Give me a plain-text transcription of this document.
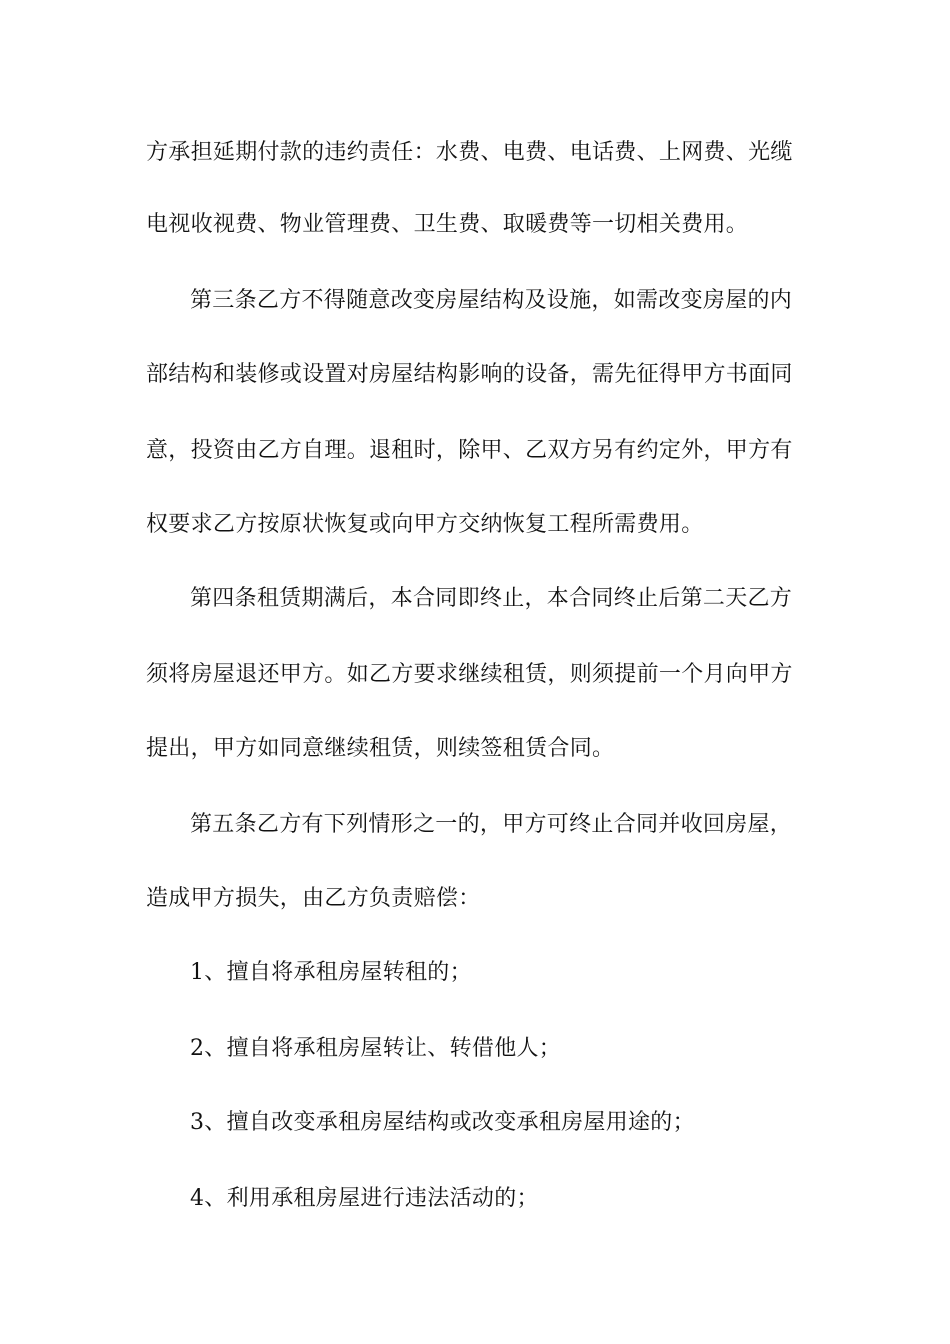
方承担延期付款的违约责任：水费、电费、电话费、上网费、光缆
电视收视费、物业管理费、卫生费、取暖费等一切相关费用。
第三条乙方不得随意改变房屋结构及设施，如需改变房屋的内
部结构和装修或设置对房屋结构影响的设备，需先征得甲方书面同
意，投资由乙方自理。退租时，除甲、乙双方另有约定外，甲方有
权要求乙方按原状恢复或向甲方交纳恢复工程所需费用。
第四条租赁期满后，本合同即终止，本合同终止后第二天乙方
须将房屋退还甲方。如乙方要求继续租赁，则须提前一个月向甲方
提出，甲方如同意继续租赁，则续签租赁合同。
第五条乙方有下列情形之一的，甲方可终止合同并收回房屋，
造成甲方损失，由乙方负责赔偿：
1、擅自将承租房屋转租的；
2、擅自将承租房屋转让、转借他人；
3、擅自改变承租房屋结构或改变承租房屋用途的；
4、利用承租房屋进行违法活动的；
